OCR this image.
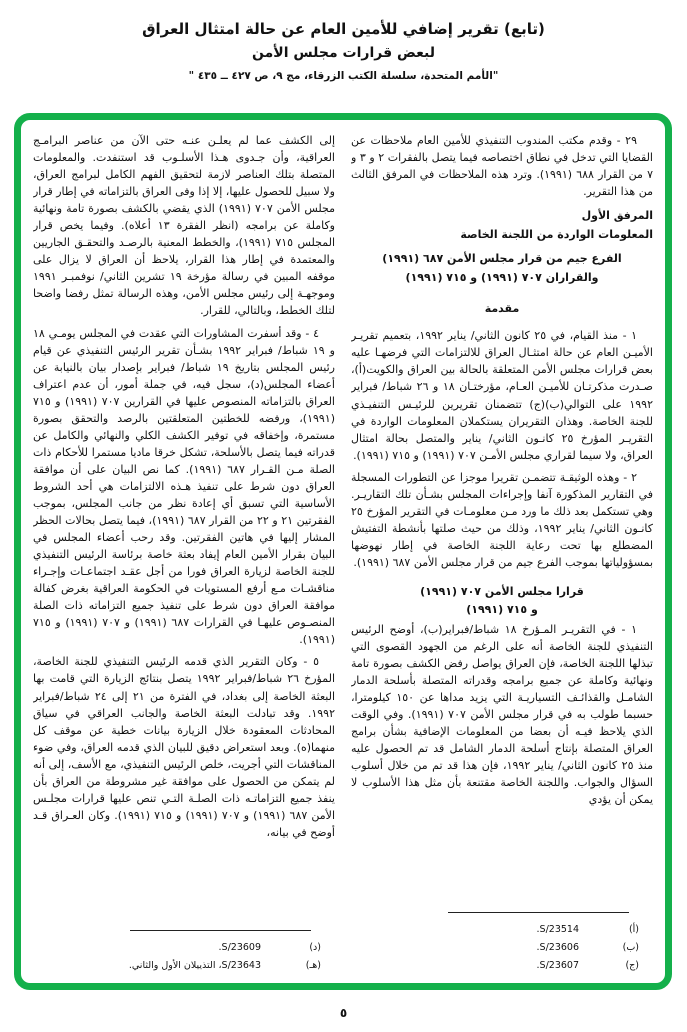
(تابع) تقرير إضافي للأمين العام عن حالة امتثال العراق
لبعض قرارات مجلس الأمن
"الأمم المتحدة، سلسلة الكتب الزرقاء، مج ٩، ص ٤٢٧ ــ ٤٣٥ "

٢٩ - وقدم مكتب المندوب التنفيذي للأمين العام ملاحظات عن القضايا التي تدخل في نطاق اختصاصه فيما يتصل بالفقرات ٢ و ٣ و ٧ من القرار ٦٨٨ (١٩٩١). وترد هذه الملاحظات في المرفق الثالث من هذا التقرير.

المرفق الأول
المعلومات الواردة من اللجنة الخاصة
الفرع جيم من قرار مجلس الأمن ٦٨٧ (١٩٩١)
والقراران ٧٠٧ (١٩٩١) و ٧١٥ (١٩٩١)
مقدمة

١ - منذ القيام، في ٢٥ كانون الثاني/ يناير ١٩٩٢، بتعميم تقريـر الأميـن العام عن حالة امتثـال العراق للالتزامات التي فرضهـا عليه بعض قرارات مجلس الأمن المتعلقة بالحالة بين العراق والكويت(أ)، صـدرت مذكرتـان للأميـن العـام، مؤرختـان ١٨ و ٢٦ شباط/ فبراير ١٩٩٢ على التوالي(ب)(ج) تتضمنان تقريرين للرئيـس التنفيـذي للجنة الخاصة. وهذان التقريران يستكملان المعلومات الواردة في التقريـر المؤرخ ٢٥ كانـون الثاني/ يناير والمتصل بحالة امتثال العراق، ولا سيما لقراري مجلس الأمـن ٧٠٧ (١٩٩١) و ٧١٥ (١٩٩١).

٢ - وهذه الوثيقـة تتضمـن تقريرا موجزا عن التطورات المسجلة في التقارير المذكورة آنفا وإجراءات المجلس بشـأن تلك التقاريـر. وهي تستكمل بعد ذلك ما ورد مـن معلومـات في التقرير المؤرخ ٢٥ كانـون الثاني/ يناير ١٩٩٢، وذلك من حيث صلتها بأنشطة التفتيش المضطلع بها تحت رعاية اللجنة الخاصة في إطار نهوضها بمسؤولياتها بموجب الفرع جيم من قرار مجلس الأمن ٦٨٧ (١٩٩١).

قرارا مجلس الأمن ٧٠٧ (١٩٩١)
و ٧١٥ (١٩٩١)

١ - في التقريـر المـؤرخ ١٨ شباط/فبراير(ب)، أوضح الرئيس التنفيذي للجنة الخاصة أنه على الرغم من الجهود القصوى التي تبذلها اللجنة الخاصة، فإن العراق يواصل رفض الكشف بصورة تامة ونهائية وكاملة عن جميع برامجه وقدراته المتصلة بأسلحة الدمار الشامـل والقذائـف التسياريـة التي يزيد مداها عن ١٥٠ كيلومترا، حسبما طولب به في قرار مجلس الأمن ٧٠٧ (١٩٩١). وفي الوقت الذي يلاحظ فيـه أن بعضا من المعلومات الإضافية بشأن برامج العراق المتصلة بإنتاج أسلحة الدمار الشامل قد تم الحصول عليه منذ ٢٥ كانون الثاني/ يناير ١٩٩٢، فإن هذا قد تم من خلال أسلوب السؤال والجواب. واللجنة الخاصة مقتنعة بأن مثل هذا الأسلوب لا يمكن أن يؤدي

(أ)
S/23514.
(ب)
S/23606.
(ج)
S/23607.

إلى الكشف عما لم يعلـن عنـه حتى الآن من عناصر البرامـج العراقية، وأن جـدوى هـذا الأسلـوب قد استنفدت. والمعلومات المتصلة بتلك العناصر لازمة لتحقيق الفهم الكامل لبرامج العراق، ولا سبيل للحصول عليها، إلا إذا وفى العراق بالتزاماته في إطار قرار مجلس الأمن ٧٠٧ (١٩٩١) الذي يقضي بالكشف بصورة تامة ونهائية وكاملة عن برامجه (انظر الفقرة ١٣ أعلاه). وفيما يخص قرار المجلس ٧١٥ (١٩٩١)، والخطط المعنية بالرصـد والتحقـق الجاريين والمعتمدة في إطار هذا القرار، يلاحظ أن العراق لا يزال على موقفه المبين في رسالة مؤرخة ١٩ تشرين الثاني/ نوفمبـر ١٩٩١ وموجهـة إلى رئيس مجلس الأمن، وهذه الرسالة تمثل رفضا واضحا لتلك الخطط، وبالتالي، للقرار.

٤ - وقد أسفرت المشاورات التي عقدت في المجلس يومـي ١٨ و ١٩ شباط/ فبراير ١٩٩٢ بشـأن تقرير الرئيس التنفيذي عن قيام رئيس المجلس بتاريخ ١٩ شباط/ فبراير بإصدار بيان بالنيابة عن أعضاء المجلس(د)، سجل فيه، في جملة أمور، أن عدم اعتراف العراق بالتزاماته المنصوص عليها في القرارين ٧٠٧ (١٩٩١) و ٧١٥ (١٩٩١)، ورفضه للخطتين المتعلقتين بالرصد والتحقق بصورة مستمرة، وإخفاقه في توفير الكشف الكلي والنهائي والكامل عن قدراته فيما يتصل بالأسلحة، تشكل خرقا ماديا مستمرا للأحكام ذات الصلة مـن القـرار ٦٨٧ (١٩٩١). كما نص البيان على أن موافقة العراق دون شرط على تنفيذ هـذه الالتزامات هي أحد الشروط الأساسية التي تسبق أي إعادة نظر من جانب المجلس، بموجب الفقرتين ٢١ و ٢٢ من القرار ٦٨٧ (١٩٩١)، فيما يتصل بحالات الحظر المشار إليها في هاتين الفقرتين. وقد رحب أعضاء المجلس في البيان بقرار الأمين العام إيفاد بعثة خاصة برئاسة الرئيس التنفيذي للجنة الخاصة لزيارة العراق فورا من أجل عقـد اجتماعـات وإجـراء مناقشـات مـع أرفع المستويات في الحكومة العراقية بغرض كفالة موافقة العراق دون شرط على تنفيذ جميع التزاماته ذات الصلة المنصـوص عليهـا في القرارات ٦٨٧ (١٩٩١) و ٧٠٧ (١٩٩١) و ٧١٥ (١٩٩١).

٥ - وكان التقرير الذي قدمه الرئيس التنفيذي للجنة الخاصة، المؤرخ ٢٦ شباط/فبراير ١٩٩٢ يتصل بنتائج الزيارة التي قامت بها البعثة الخاصة إلى بغداد، في الفترة من ٢١ إلى ٢٤ شباط/فبراير ١٩٩٢. وقد تبادلت البعثة الخاصة والجانب العراقي في سياق المحادثات المعقودة خلال الزيارة بيانات خطية عن موقف كل منهما(ه). وبعد استعراض دقيق للبيان الذي قدمه العراق، وفي ضوء المناقشات التي أجريت، خلص الرئيس التنفيذي، مع الأسف، إلى أنه لم يتمكن من الحصول على موافقة غير مشروطة من العراق بأن ينفذ جميع التزاماتـه ذات الصلـة التـي تنص عليها قرارات مجلـس الأمن ٦٨٧ (١٩٩١) و ٧٠٧ (١٩٩١) و ٧١٥ (١٩٩١). وكان العـراق قـد أوضح في بيانه،

(د)
S/23609.
(هـ)
S/23643، التذييلان الأول والثاني.
٥
